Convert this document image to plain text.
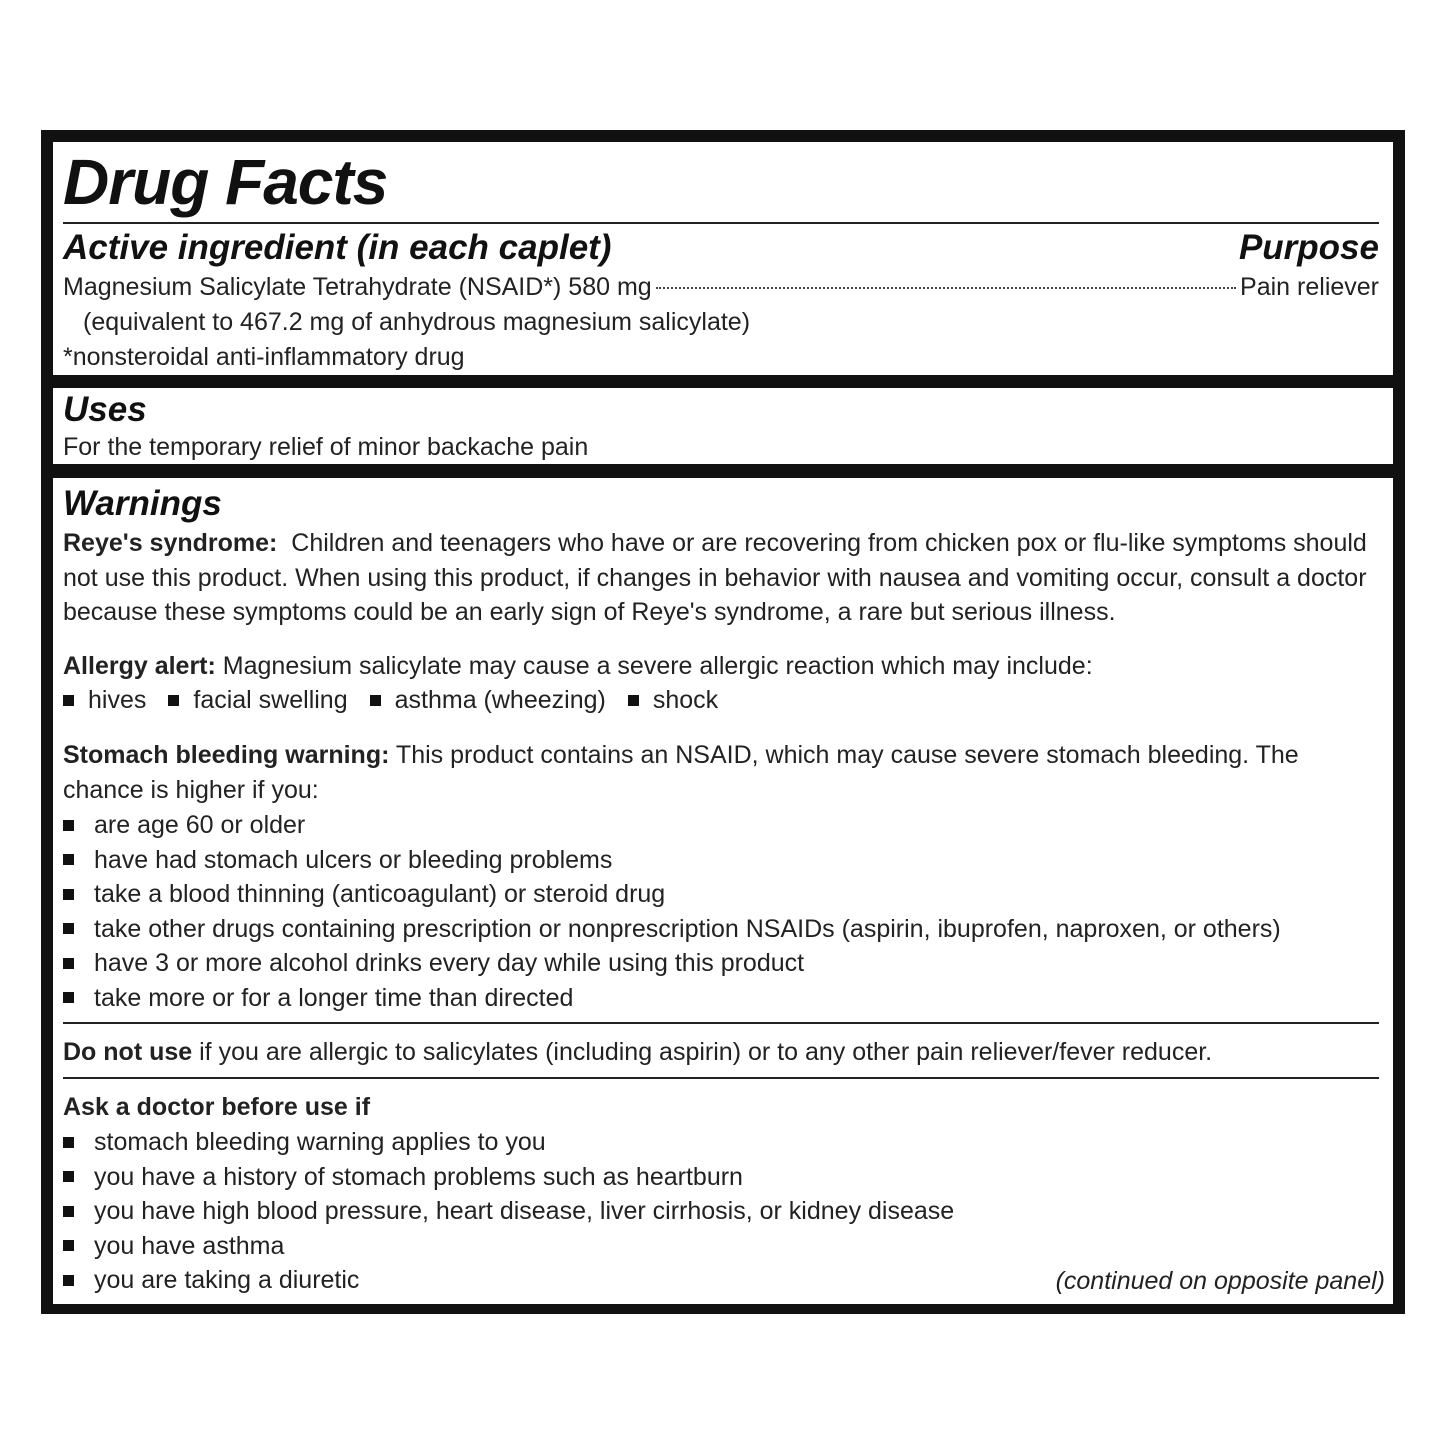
Drug Facts
Active ingredient (in each caplet)	Purpose
Magnesium Salicylate Tetrahydrate (NSAID*) 580 mg	Pain reliever

(equivalent to 467.2 mg of anhydrous magnesium salicylate)

*nonsteroidal anti-inflammatory drug

Uses

For the temporary relief of minor backache pain

Warnings

Reye's syndrome: Children and teenagers who have or are recovering from chicken pox or flu-like symptoms should not use this product. When using this product, if changes in behavior with nausea and vomiting occur, consult a doctor because these symptoms could be an early sign of Reye's syndrome, a rare but serious illness.

Allergy alert: Magnesium salicylate may cause a severe allergic reaction which may include:

hives facial swelling asthma (wheezing) shock

Stomach bleeding warning: This product contains an NSAID, which may cause severe stomach bleeding. The chance is higher if you:

are age 60 or older
have had stomach ulcers or bleeding problems
take a blood thinning (anticoagulant) or steroid drug
take other drugs containing prescription or nonprescription NSAIDs (aspirin, ibuprofen, naproxen, or others)
have 3 or more alcohol drinks every day while using this product
take more or for a longer time than directed

Do not use if you are allergic to salicylates (including aspirin) or to any other pain reliever/fever reducer.

Ask a doctor before use if

stomach bleeding warning applies to you
you have a history of stomach problems such as heartburn
you have high blood pressure, heart disease, liver cirrhosis, or kidney disease
you have asthma
you are taking a diuretic	(continued on opposite panel)
